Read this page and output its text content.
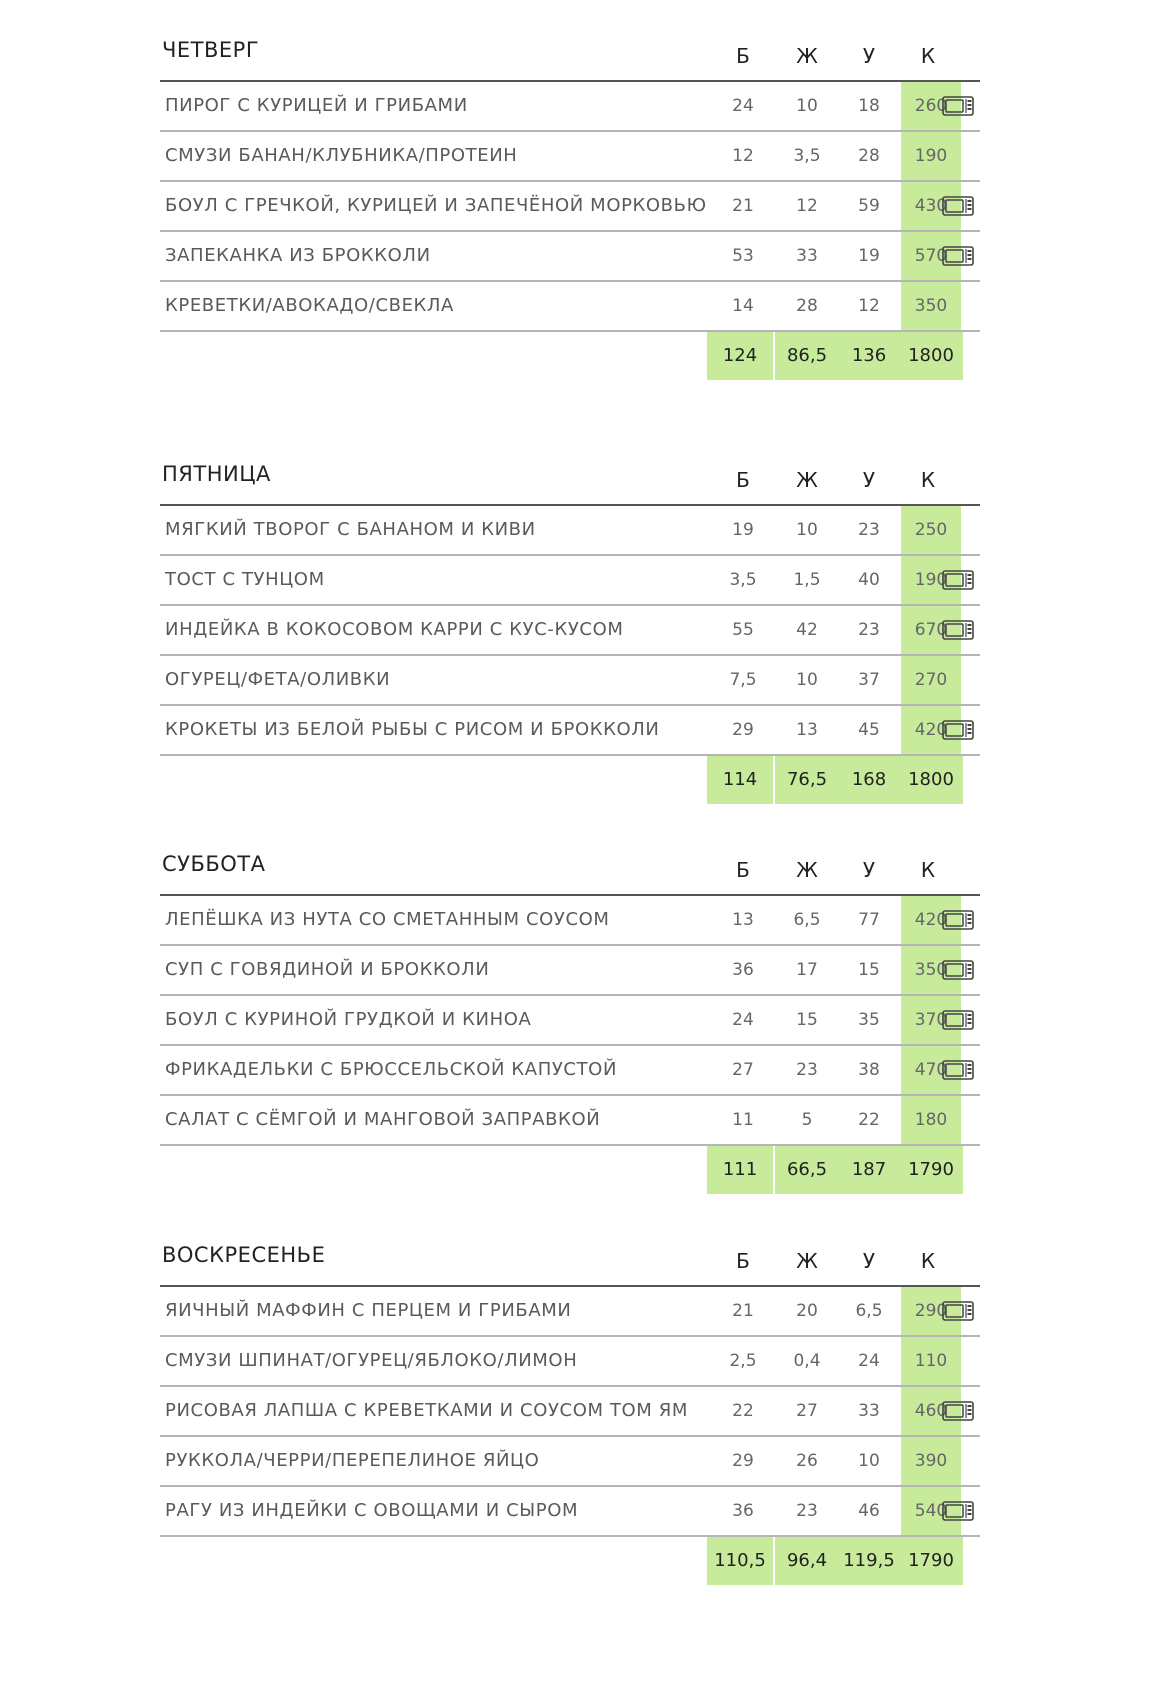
ЧЕТВЕРГ	Б	Ж	У	К
ПИРОГ С КУРИЦЕЙ И ГРИБАМИ	24	10	18	260
СМУЗИ БАНАН/КЛУБНИКА/ПРОТЕИН	12	3,5	28	190
БОУЛ С ГРЕЧКОЙ, КУРИЦЕЙ И ЗАПЕЧЁНОЙ МОРКОВЬЮ	21	12	59	430
ЗАПЕКАНКА ИЗ БРОККОЛИ	53	33	19	570
КРЕВЕТКИ/АВОКАДО/СВЕКЛА	14	28	12	350
124	86,5	136	1800
ПЯТНИЦА	Б	Ж	У	К
МЯГКИЙ ТВОРОГ С БАНАНОМ И КИВИ	19	10	23	250
ТОСТ С ТУНЦОМ	3,5	1,5	40	190
ИНДЕЙКА В КОКОСОВОМ КАРРИ С КУС-КУСОМ	55	42	23	670
ОГУРЕЦ/ФЕТА/ОЛИВКИ	7,5	10	37	270
КРОКЕТЫ ИЗ БЕЛОЙ РЫБЫ С РИСОМ И БРОККОЛИ	29	13	45	420
114	76,5	168	1800
СУББОТА	Б	Ж	У	К
ЛЕПЁШКА ИЗ НУТА СО СМЕТАННЫМ СОУСОМ	13	6,5	77	420
СУП С ГОВЯДИНОЙ И БРОККОЛИ	36	17	15	350
БОУЛ С КУРИНОЙ ГРУДКОЙ И КИНОА	24	15	35	370
ФРИКАДЕЛЬКИ С БРЮССЕЛЬСКОЙ КАПУСТОЙ	27	23	38	470
САЛАТ С СЁМГОЙ И МАНГОВОЙ ЗАПРАВКОЙ	11	5	22	180
111	66,5	187	1790
ВОСКРЕСЕНЬЕ	Б	Ж	У	К
ЯИЧНЫЙ МАФФИН С ПЕРЦЕМ И ГРИБАМИ	21	20	6,5	290
СМУЗИ ШПИНАТ/ОГУРЕЦ/ЯБЛОКО/ЛИМОН	2,5	0,4	24	110
РИСОВАЯ ЛАПША С КРЕВЕТКАМИ И СОУСОМ ТОМ ЯМ	22	27	33	460
РУККОЛА/ЧЕРРИ/ПЕРЕПЕЛИНОЕ ЯЙЦО	29	26	10	390
РАГУ ИЗ ИНДЕЙКИ С ОВОЩАМИ И СЫРОМ	36	23	46	540
110,5	96,4 119,5 1790
